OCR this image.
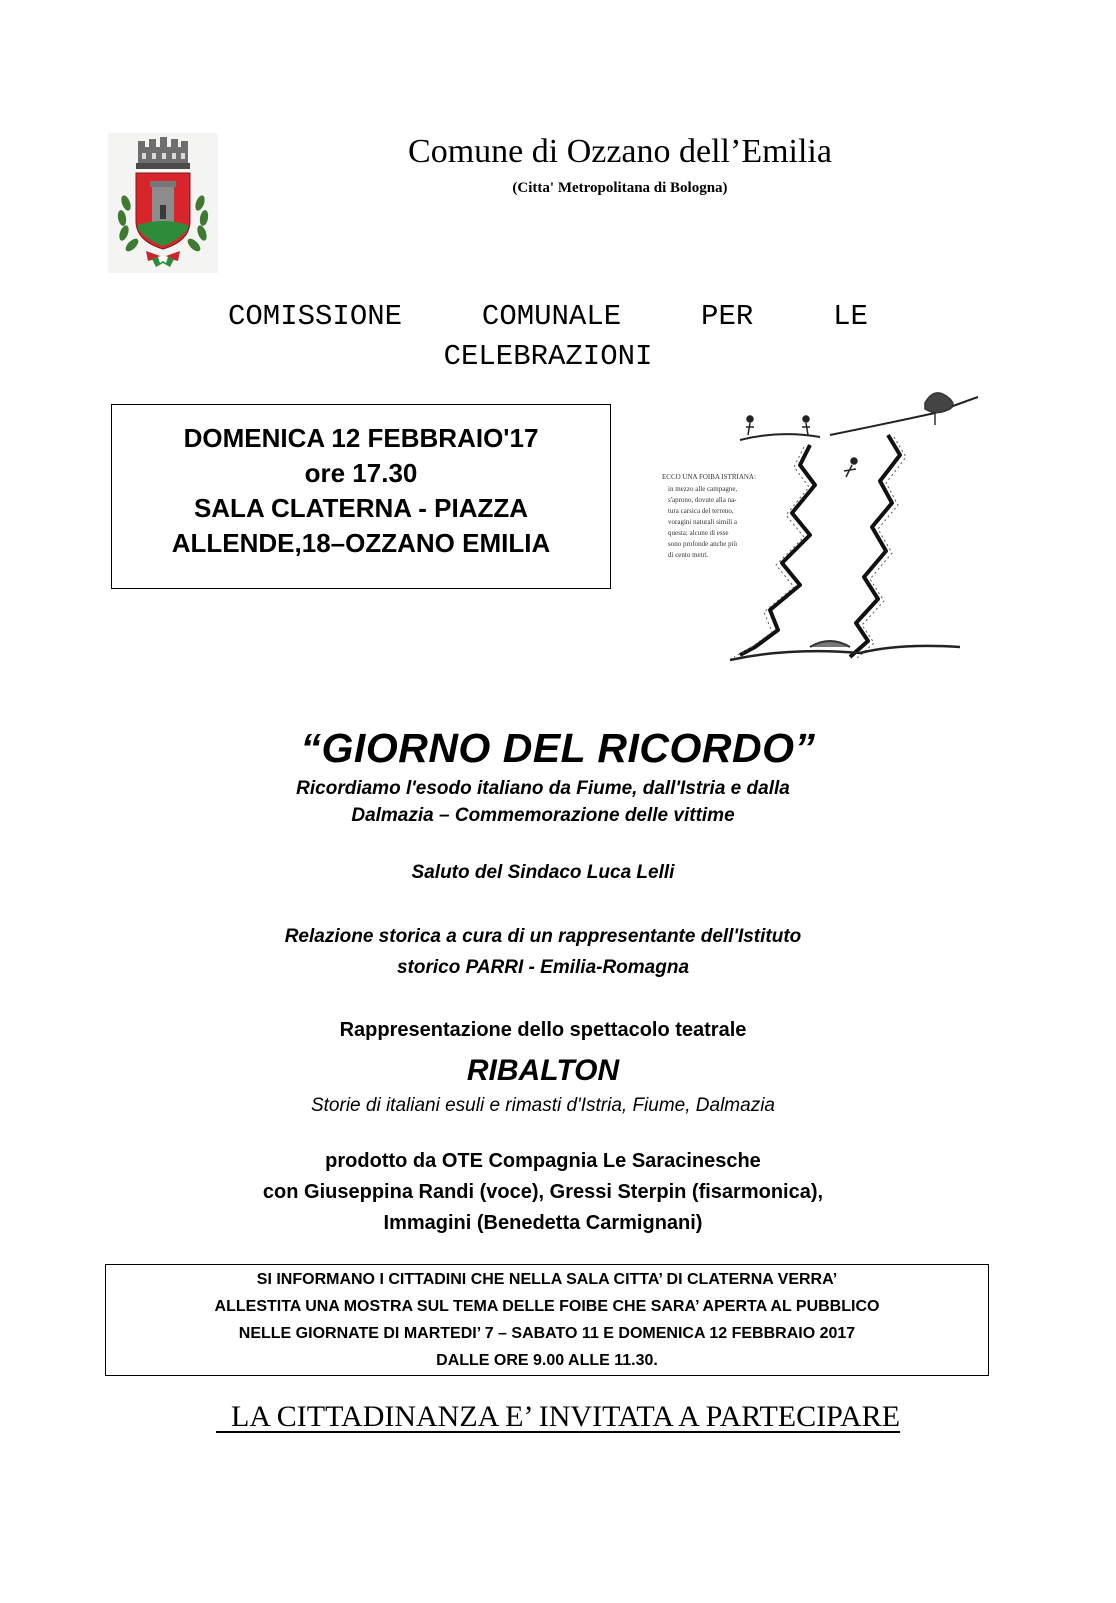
Comune di Ozzano dell’Emilia
(Citta' Metropolitana di Bologna)
COMISSIONE	COMUNALE	PER	LE
CELEBRAZIONI
DOMENICA 12 FEBBRAIO'17
ore 17.30
SALA CLATERNA - PIAZZA
ALLENDE,18–OZZANO EMILIA
ECCO UNA FOIBA ISTRIANA:
in mezzo alle campagne,
s'aprono, dovute alla na-
tura carsica del terreno,
voragini naturali simili a
questa; alcune di esse
sono profonde anche più
di cento metri.
“GIORNO DEL RICORDO”
Ricordiamo l'esodo italiano da Fiume, dall'Istria e dalla
Dalmazia – Commemorazione delle vittime
Saluto del Sindaco Luca Lelli
Relazione storica a cura di un rappresentante dell'Istituto
storico PARRI - Emilia-Romagna
Rappresentazione dello spettacolo teatrale
RIBALTON
Storie di italiani esuli e rimasti d'Istria, Fiume, Dalmazia
prodotto da OTE Compagnia Le Saracinesche
con Giuseppina Randi (voce), Gressi Sterpin (fisarmonica),
Immagini (Benedetta Carmignani)
SI INFORMANO I CITTADINI CHE NELLA SALA CITTA’ DI CLATERNA VERRA’
ALLESTITA UNA MOSTRA SUL TEMA DELLE FOIBE CHE SARA’ APERTA AL PUBBLICO
NELLE GIORNATE DI MARTEDI’ 7 – SABATO 11 E DOMENICA 12 FEBBRAIO 2017
DALLE ORE 9.00 ALLE 11.30.
LA CITTADINANZA E’ INVITATA A PARTECIPARE
